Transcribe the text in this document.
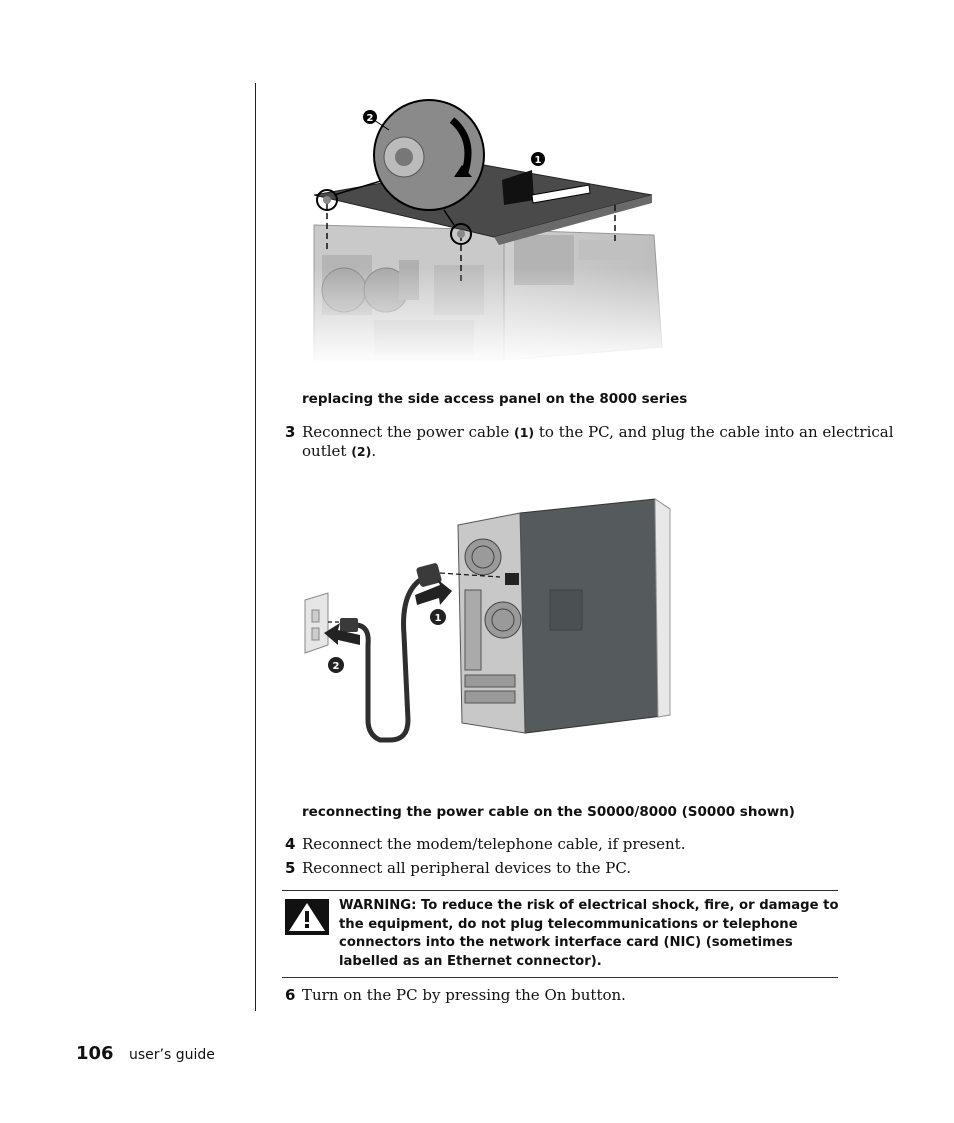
replacing the side access panel on the 8000 series
3 Reconnect the power cable (1) to the PC, and plug the cable into an electrical
outlet (2).
1
2
reconnecting the power cable on the S0000/8000 (S0000 shown)
4 Reconnect the modem/telephone cable, if present.
5 Reconnect all peripheral devices to the PC.
WARNING: To reduce the risk of electrical shock, fire, or damage to
the equipment, do not plug telecommunications or telephone
connectors into the network interface card (NIC) (sometimes
labelled as an Ethernet connector).
6 Turn on the PC by pressing the On button.
106 user’s guide
